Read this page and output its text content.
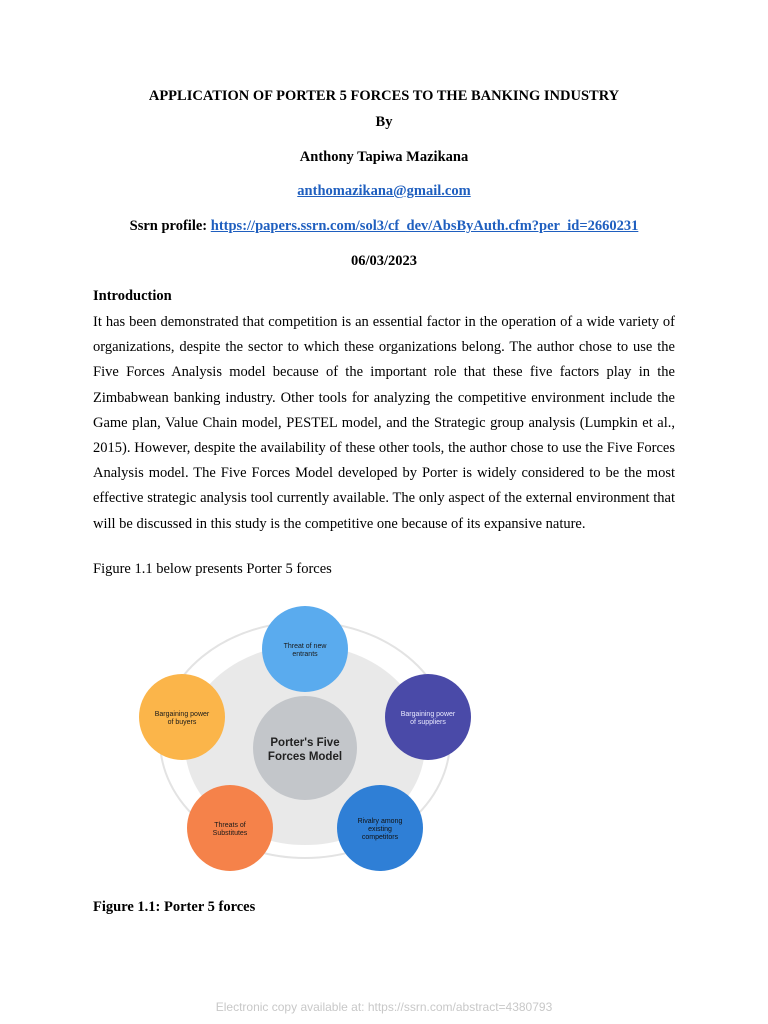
APPLICATION OF PORTER 5 FORCES TO THE BANKING INDUSTRY
By
Anthony Tapiwa Mazikana
anthomazikana@gmail.com
Ssrn profile: https://papers.ssrn.com/sol3/cf_dev/AbsByAuth.cfm?per_id=2660231
06/03/2023
Introduction
It has been demonstrated that competition is an essential factor in the operation of a wide variety of organizations, despite the sector to which these organizations belong. The author chose to use the Five Forces Analysis model because of the important role that these five factors play in the Zimbabwean banking industry. Other tools for analyzing the competitive environment include the Game plan, Value Chain model, PESTEL model, and the Strategic group analysis (Lumpkin et al., 2015). However, despite the availability of these other tools, the author chose to use the Five Forces Analysis model. The Five Forces Model developed by Porter is widely considered to be the most effective strategic analysis tool currently available. The only aspect of the external environment that will be discussed in this study is the competitive one because of its expansive nature.
Figure 1.1 below presents Porter 5 forces
Porter's Five
Forces Model
Threat of new
entrants
Bargaining power
of suppliers
Rivalry among
existing
competitors
Threats of
Substitutes
Bargaining power
of buyers
Figure 1.1: Porter 5 forces
Electronic copy available at: https://ssrn.com/abstract=4380793
